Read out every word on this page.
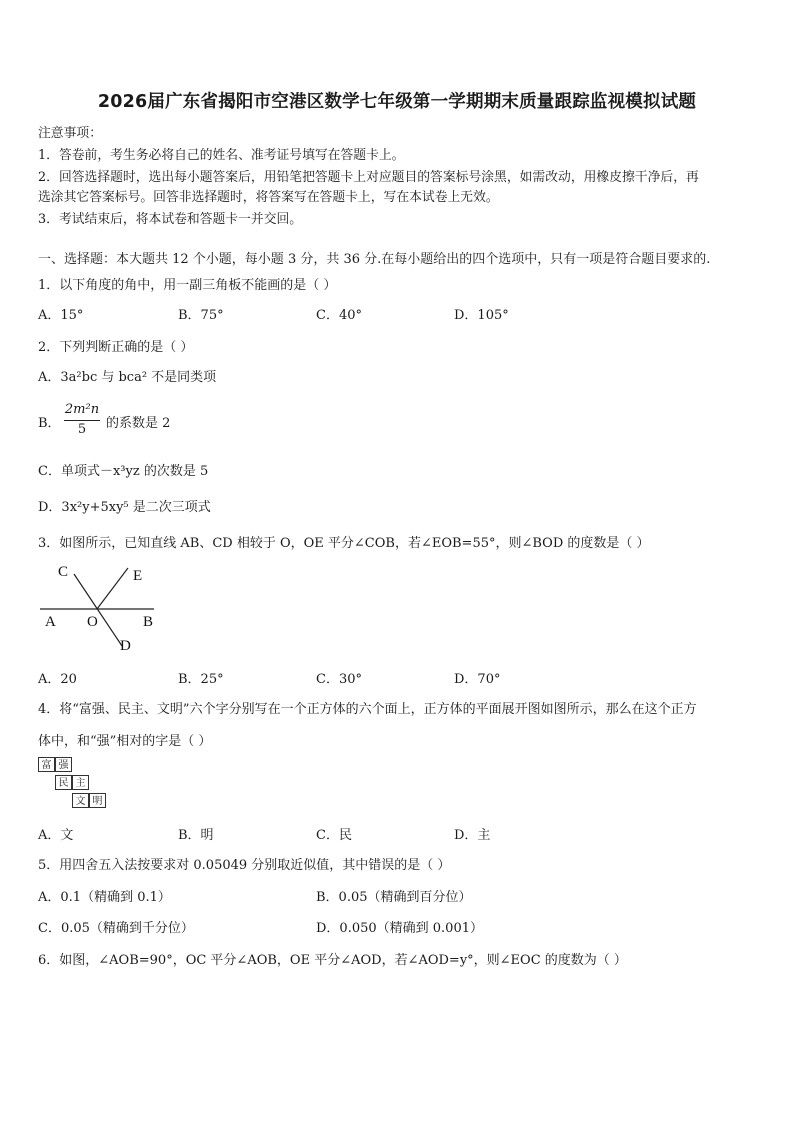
2026届广东省揭阳市空港区数学七年级第一学期期末质量跟踪监视模拟试题
注意事项：
1．答卷前，考生务必将自己的姓名、准考证号填写在答题卡上。
2．回答选择题时，选出每小题答案后，用铅笔把答题卡上对应题目的答案标号涂黑，如需改动，用橡皮擦干净后，再
选涂其它答案标号。回答非选择题时，将答案写在答题卡上，写在本试卷上无效。
3．考试结束后，将本试卷和答题卡一并交回。
一、选择题：本大题共 12 个小题，每小题 3 分，共 36 分.在每小题给出的四个选项中，只有一项是符合题目要求的.
1．以下角度的角中，用一副三角板不能画的是（ ）
A．15°	B．75°	C．40°	D．105°
2．下列判断正确的是（ ）
A．3a²bc 与 bca² 不是同类项
B．
2m²n
5	的系数是 2
C．单项式－x³yz 的次数是 5
D．3x²y+5xy⁵ 是二次三项式
3．如图所示，已知直线 AB、CD 相较于 O，OE 平分∠COB，若∠EOB=55°，则∠BOD 的度数是（ ）
C	E
A O	B
D
A．20	B．25°	C．30°	D．70°
4．将“富强、民主、文明”六个字分别写在一个正方体的六个面上，正方体的平面展开图如图所示，那么在这个正方
体中，和“强”相对的字是（ ）
富 强
民 主
文 明
A．文	B．明	C．民	D．主
5．用四舍五入法按要求对 0.05049 分别取近似值，其中错误的是（ ）
A．0.1（精确到 0.1）	B．0.05（精确到百分位）
C．0.05（精确到千分位）	D．0.050（精确到 0.001）
6．如图，∠AOB=90°，OC 平分∠AOB，OE 平分∠AOD，若∠AOD=y°，则∠EOC 的度数为（ ）
